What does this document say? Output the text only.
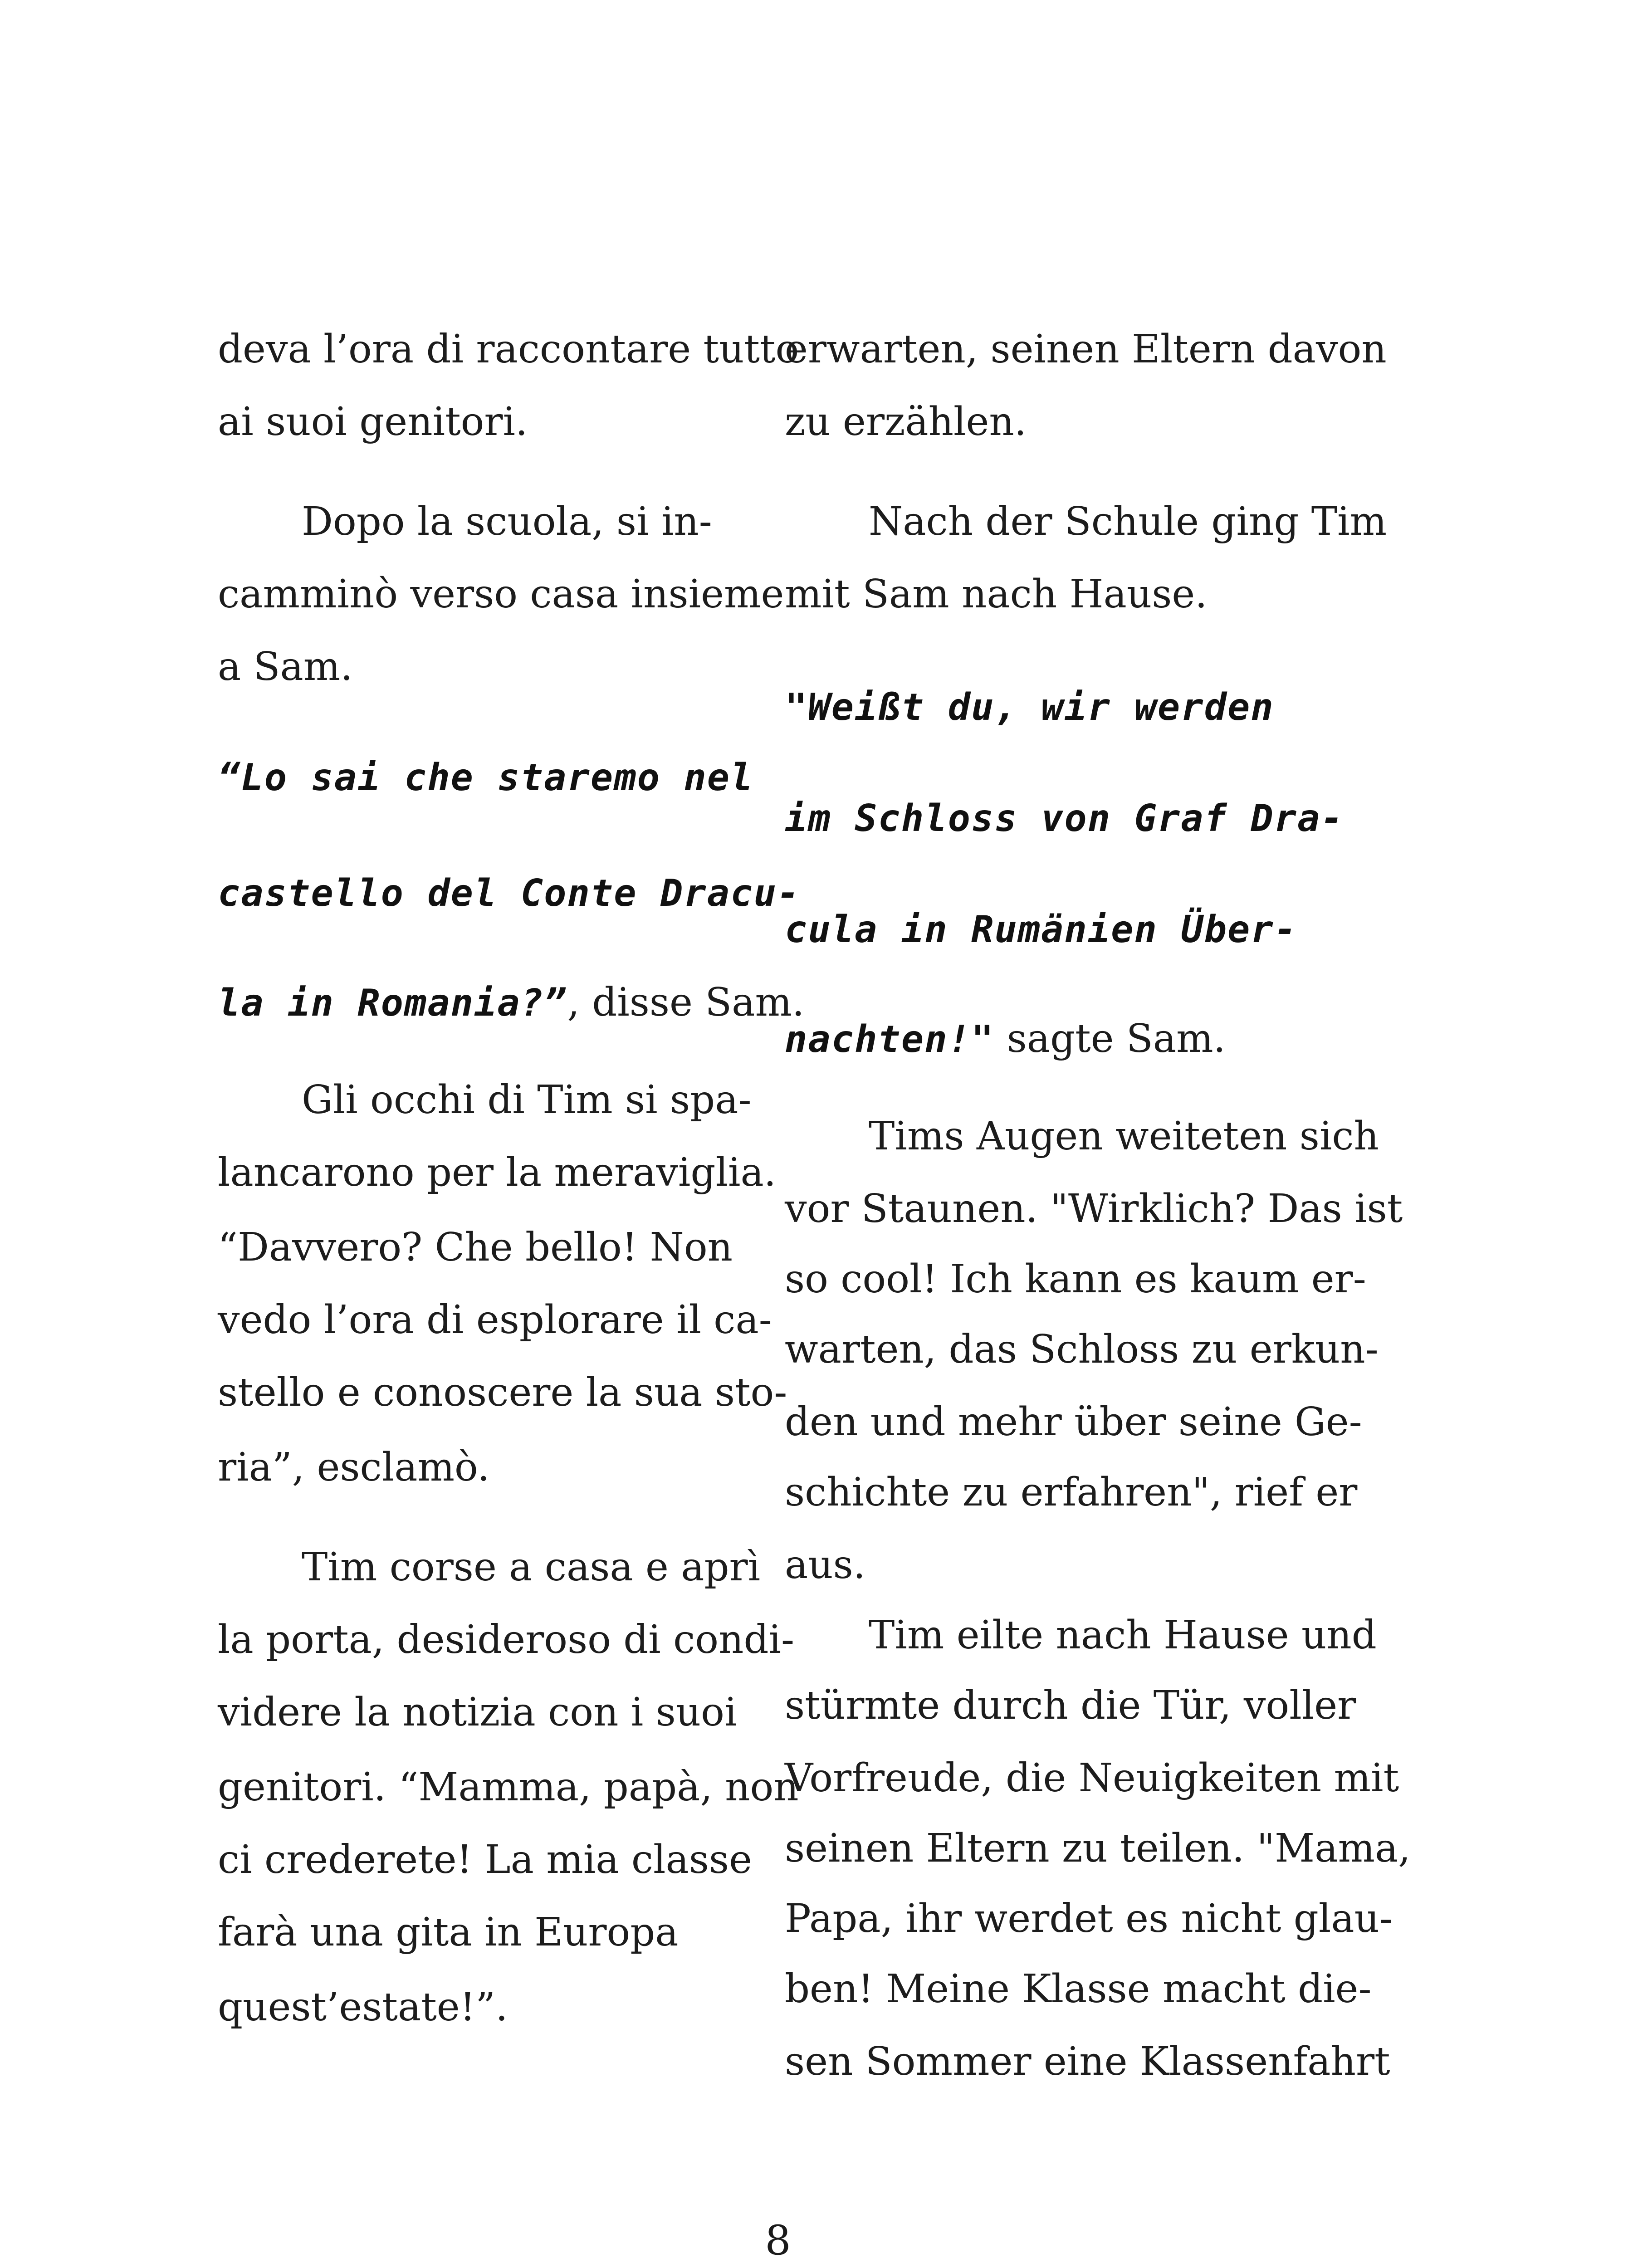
deva l’ora di raccontare tutto
ai suoi genitori.
Dopo la scuola, si in-
camminò verso casa insieme
a Sam.
“Lo sai che staremo nel
castello del Conte Dracu-
la in Romania?”, disse Sam.
Gli occhi di Tim si spa-
lancarono per la meraviglia.
“Davvero? Che bello! Non
vedo l’ora di esplorare il ca-
stello e conoscere la sua sto-
ria”, esclamò.
Tim corse a casa e aprì
la porta, desideroso di condi-
videre la notizia con i suoi
genitori. “Mamma, papà, non
ci crederete! La mia classe
farà una gita in Europa
quest’estate!”.
erwarten, seinen Eltern davon
zu erzählen.
Nach der Schule ging Tim
mit Sam nach Hause.
"Weißt du, wir werden
im Schloss von Graf Dra-
cula in Rumänien Über-
nachten!" sagte Sam.
Tims Augen weiteten sich
vor Staunen. "Wirklich? Das ist
so cool! Ich kann es kaum er-
warten, das Schloss zu erkun-
den und mehr über seine Ge-
schichte zu erfahren", rief er
aus.
Tim eilte nach Hause und
stürmte durch die Tür, voller
Vorfreude, die Neuigkeiten mit
seinen Eltern zu teilen. "Mama,
Papa, ihr werdet es nicht glau-
ben! Meine Klasse macht die-
sen Sommer eine Klassenfahrt
8
